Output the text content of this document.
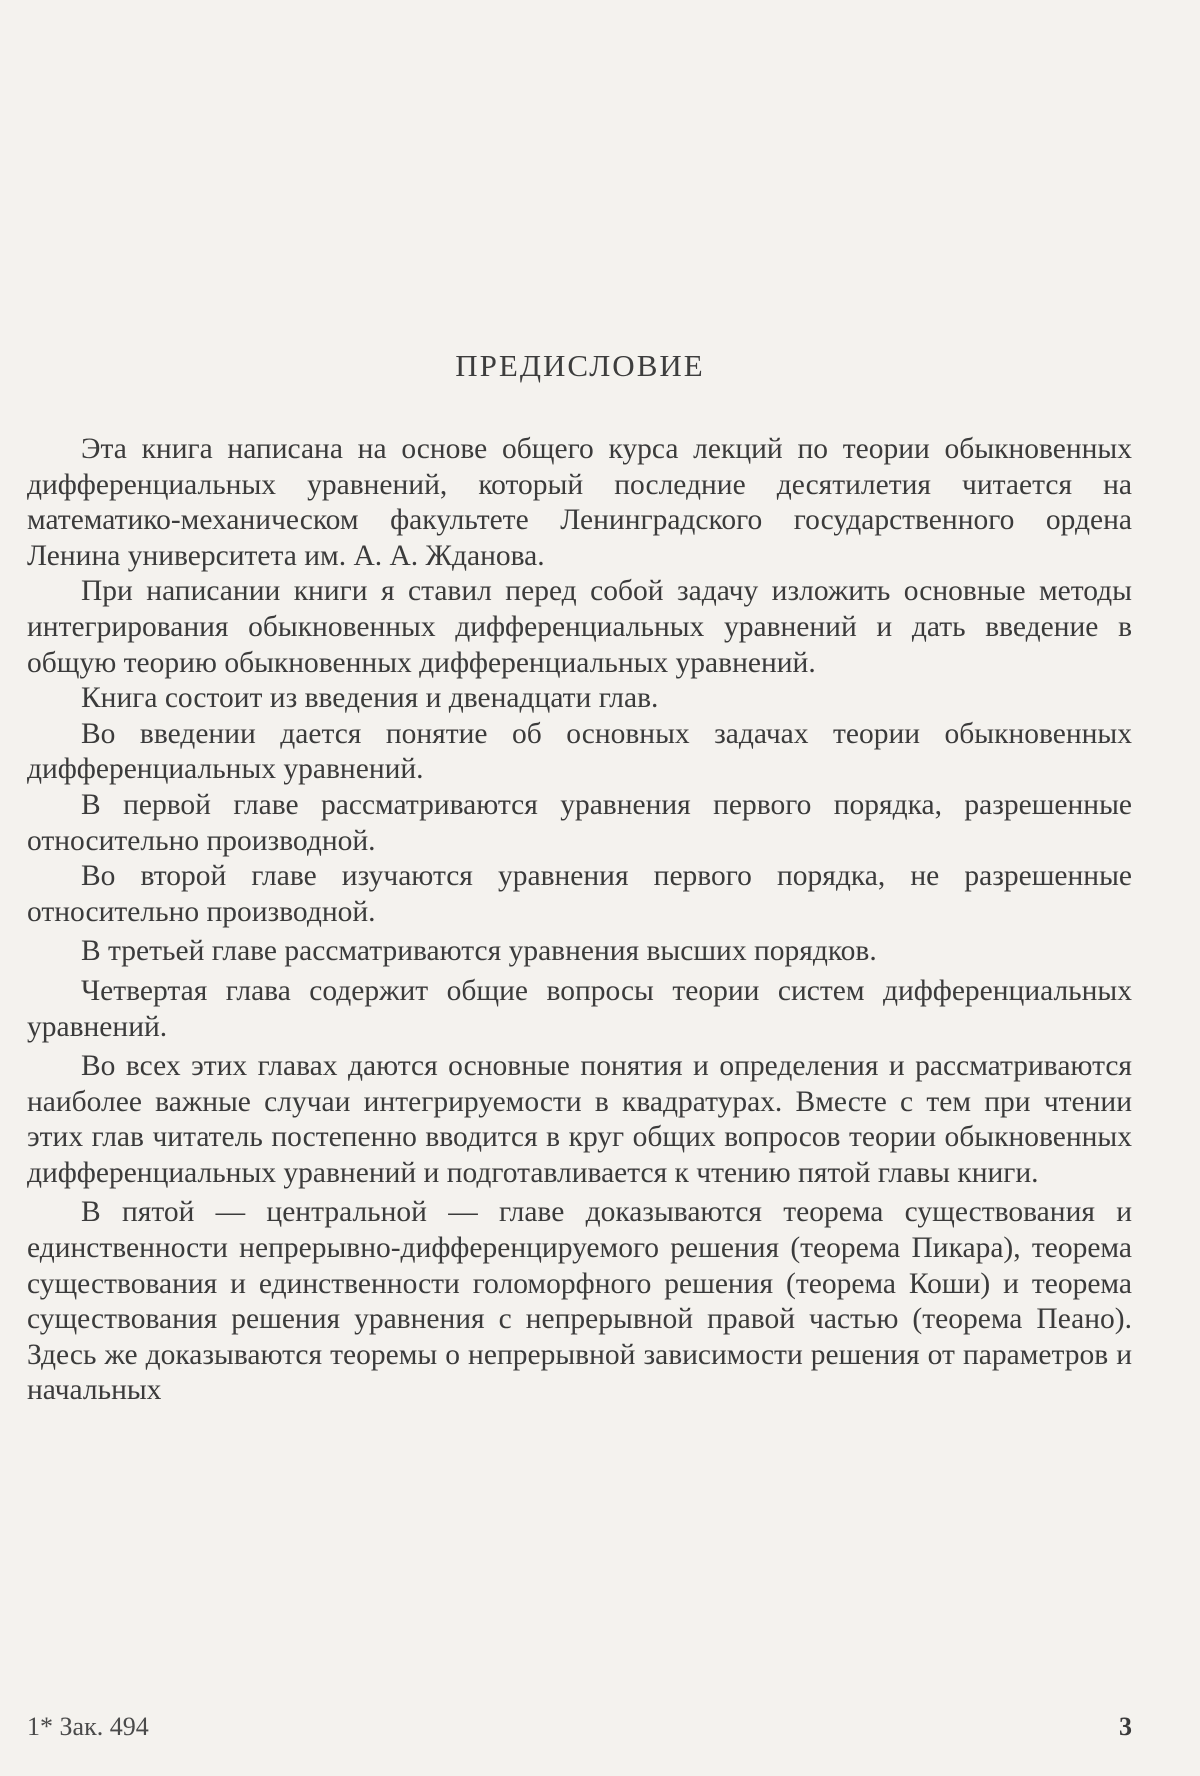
ПРЕДИСЛОВИЕ

Эта книга написана на основе общего курса лекций по теории обыкновенных дифференциальных уравнений, который последние десятилетия читается на математико-механическом факультете Ленинградского государственного ордена Ленина университета им. А. А. Жданова.

При написании книги я ставил перед собой задачу изложить основные методы интегрирования обыкновенных дифференциальных уравнений и дать введение в общую теорию обыкновенных дифференциальных уравнений.

Книга состоит из введения и двенадцати глав.

Во введении дается понятие об основных задачах теории обыкновенных дифференциальных уравнений.

В первой главе рассматриваются уравнения первого порядка, разрешенные относительно производной.

Во второй главе изучаются уравнения первого порядка, не разрешенные относительно производной.

В третьей главе рассматриваются уравнения высших порядков.

Четвертая глава содержит общие вопросы теории систем дифференциальных уравнений.

Во всех этих главах даются основные понятия и определения и рассматриваются наиболее важные случаи интегрируемости в квадратурах. Вместе с тем при чтении этих глав читатель постепенно вводится в круг общих вопросов теории обыкновенных дифференциальных уравнений и подготавливается к чтению пятой главы книги.

В пятой — центральной — главе доказываются теорема существования и единственности непрерывно-дифференцируемого решения (теорема Пикара), теорема существования и единственности голоморфного решения (теорема Коши) и теорема существования решения уравнения с непрерывной правой частью (теорема Пеано). Здесь же доказываются теоремы о непрерывной зависимости решения от параметров и начальных

1* Зак. 494	3
